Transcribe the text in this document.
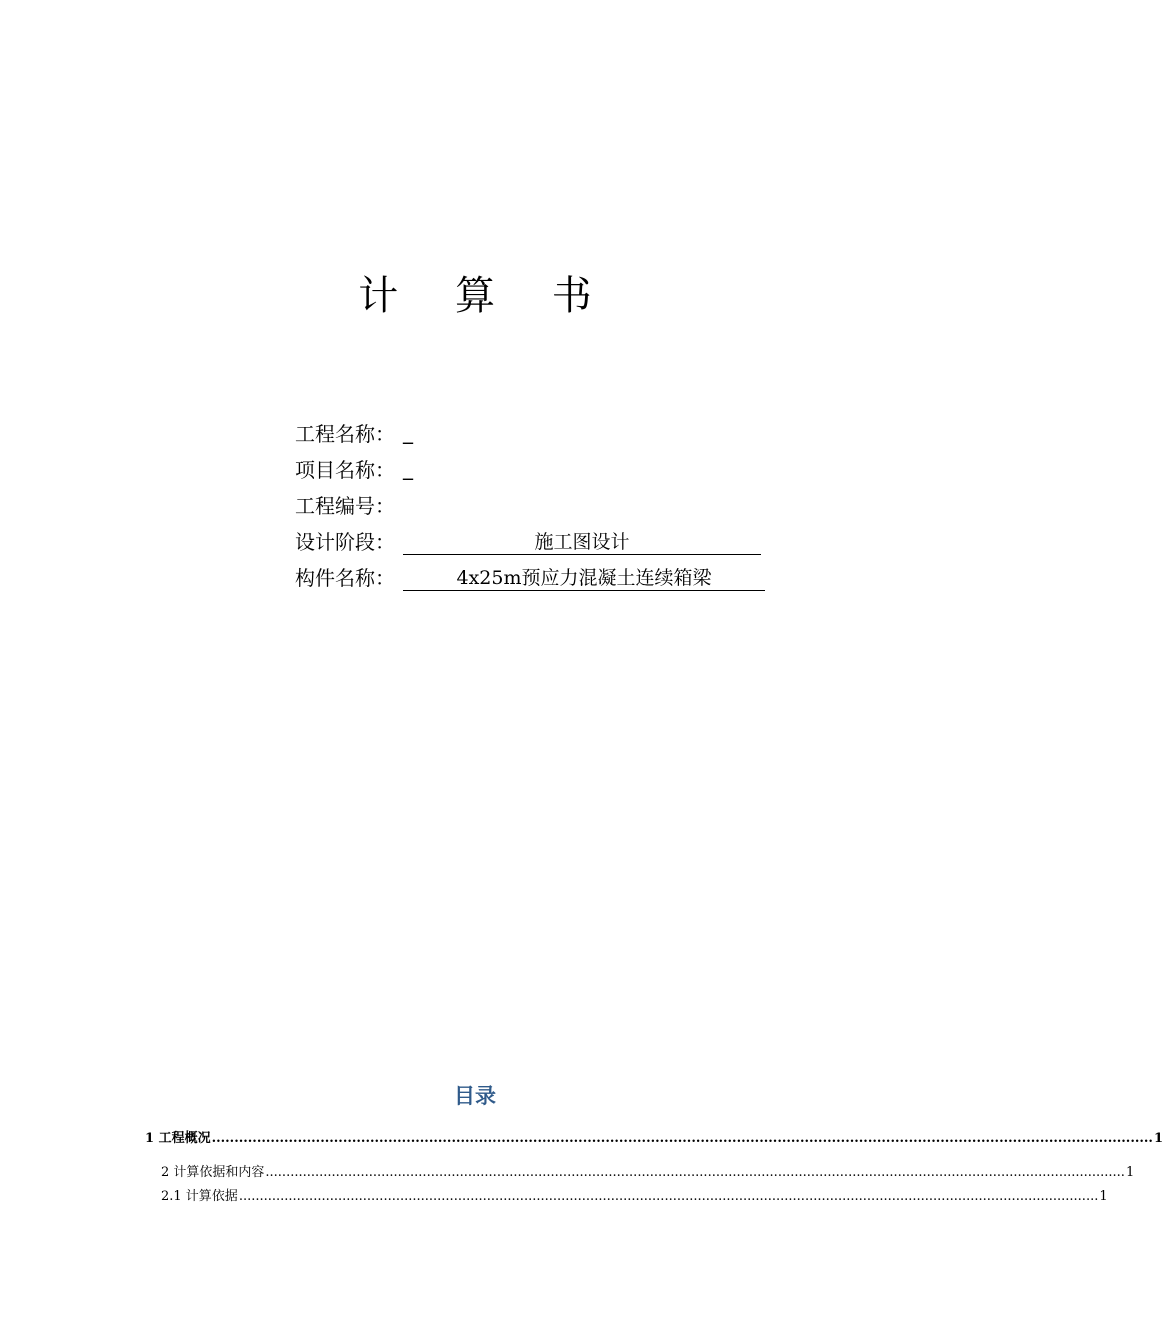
计 算 书
工程名称： _
项目名称： _
工程编号：
设计阶段：	施工图设计
构件名称：	4x25m预应力混凝土连续箱梁
目录
1 工程概况 ................................................................................................................................................................................................................ 1
2 计算依据和内容 ................................................................................................................................................................................................................ 1
2.1 计算依据 ................................................................................................................................................................................................................ 1
